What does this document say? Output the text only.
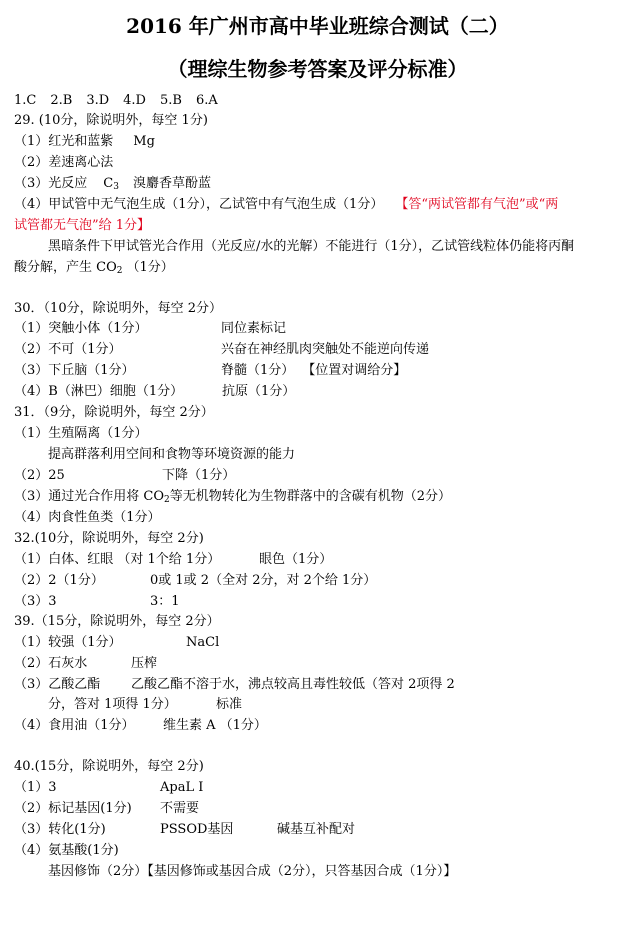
2016 年广州市高中毕业班综合测试（二）
（理综生物参考答案及评分标准）
1.C 2.B 3.D 4.D 5.B 6.A
29. (10分，除说明外，每空 1分)
（1）红光和蓝紫 Mg
（2）差速离心法
（3）光反应 $C_3$ 溴麝香草酚蓝
（4）甲试管中无气泡生成（1分），乙试管中有气泡生成（1分） 【答“两试管都有气泡”或“两
试管都无气泡”给 1分】
黑暗条件下甲试管光合作用（光反应/水的光解）不能进行（1分），乙试管线粒体仍能将丙酮
酸分解，产生 $CO_2$ （1分）
30．（10分，除说明外，每空 2分）
（1）突触小体（1分）	同位素标记
（2）不可（1分）	兴奋在神经肌肉突触处不能逆向传递
（3）下丘脑（1分）	脊髓（1分） 【位置对调给分】
（4）B（淋巴）细胞（1分）	抗原（1分）
31．（9分，除说明外，每空 2分）
（1）生殖隔离（1分）
提高群落利用空间和食物等环境资源的能力
（2）25	下降（1分）
（3）通过光合作用将 $CO_2$等无机物转化为生物群落中的含碳有机物（2分）
（4）肉食性鱼类（1分）
32.(10分，除说明外，每空 2分)
（1）白体、红眼 （对 1个给 1分）	眼色（1分）
（2）2（1分）	0或 1或 2（全对 2分，对 2个给 1分）
（3）3	3：1
39.（15分，除说明外，每空 2分）
（1）较强（1分）	NaCl
（2）石灰水	压榨
（3）乙酸乙酯 乙酸乙酯不溶于水，沸点较高且毒性较低（答对 2项得 2
分，答对 1项得 1分）	标准
（4）食用油（1分） 维生素 A （1分）
40.(15分，除说明外，每空 2分)
（1）3	ApaL Ⅰ
（2）标记基因(1分) 不需要
（3）转化(1分)	PSSOD基因	碱基互补配对
（4）氨基酸(1分)
基因修饰（2分）【基因修饰或基因合成（2分），只答基因合成（1分）】
